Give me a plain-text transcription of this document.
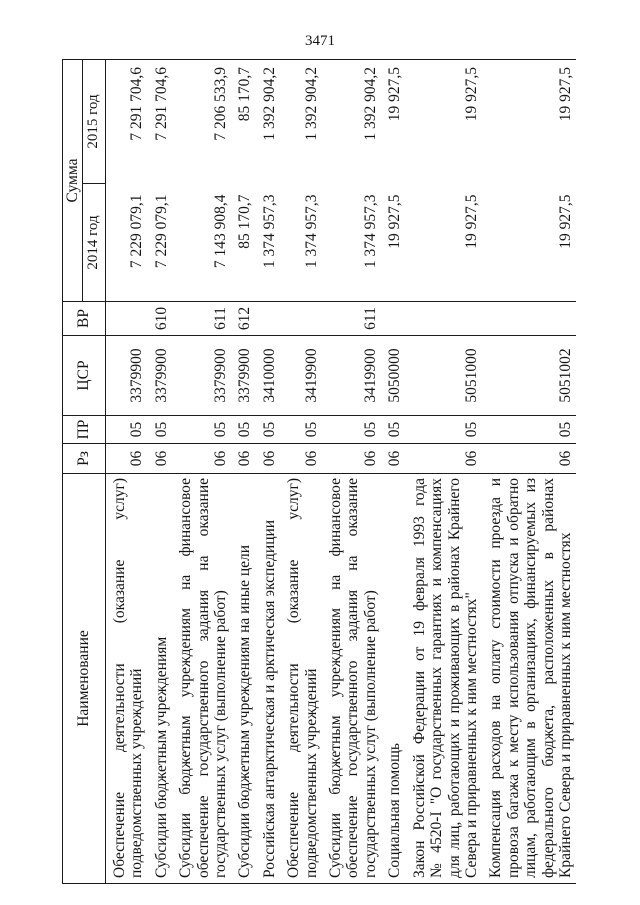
3471
Наименование	Рз	ПР	ЦСР	ВР	Сумма	
					2014 год	2015 год

Обеспечение деятельности (оказание услуг) подведомственных учреждений	06	05	3379900		7 229 079,1	7 291 704,6

Субсидии бюджетным учреждениям	06	05	3379900	610	7 229 079,1	7 291 704,6

Субсидии бюджетным учреждениям на финансовое обеспечение государственного задания на оказание государственных услуг (выполнение работ)	06	05	3379900	611	7 143 908,4	7 206 533,9

Субсидии бюджетным учреждениям на иные цели	06	05	3379900	612	85 170,7	85 170,7

Российская антарктическая и арктическая экспедиции	06	05	3410000		1 374 957,3	1 392 904,2

Обеспечение деятельности (оказание услуг) подведомственных учреждений	06	05	3419900		1 374 957,3	1 392 904,2

Субсидии бюджетным учреждениям на финансовое обеспечение государственного задания на оказание государственных услуг (выполнение работ)	06	05	3419900	611	1 374 957,3	1 392 904,2

Социальная помощь	06	05	5050000		19 927,5	19 927,5

Закон Российской Федерации от 19 февраля 1993 года № 4520-I "О государственных гарантиях и компенсациях для лиц, работающих и проживающих в районах Крайнего Севера и приравненных к ним местностях"	06	05	5051000		19 927,5	19 927,5

Компенсация расходов на оплату стоимости проезда и провоза багажа к месту использования отпуска и обратно лицам, работающим в организациях, финансируемых из федерального бюджета, расположенных в районах Крайнего Севера и приравненных к ним местностях	06	05	5051002		19 927,5	19 927,5
